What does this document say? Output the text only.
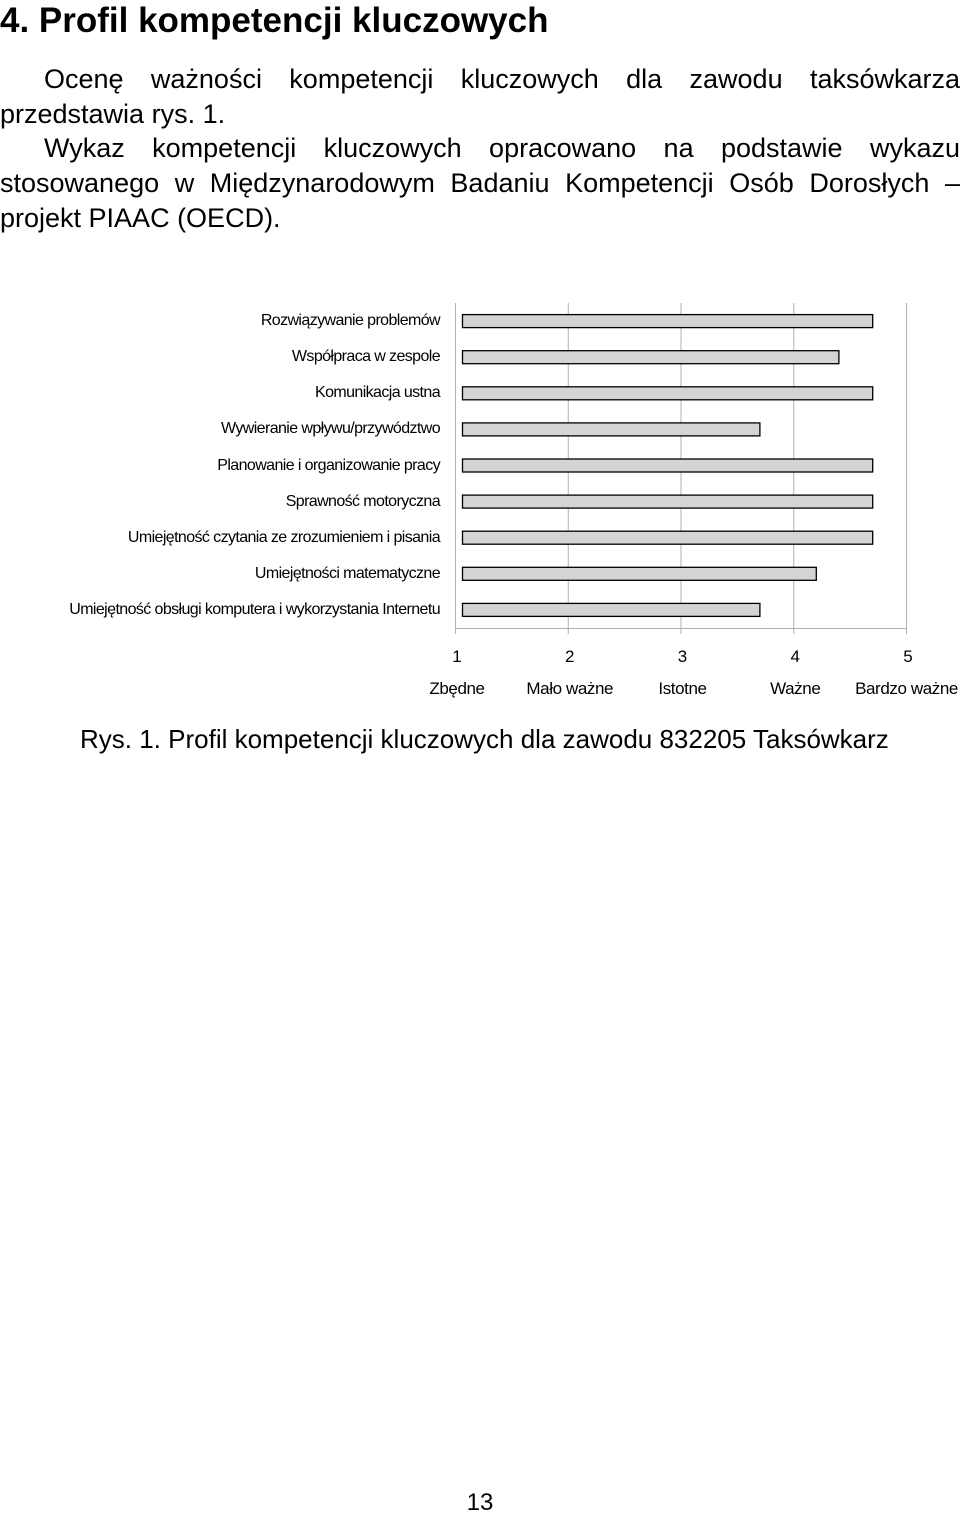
4. Profil kompetencji kluczowych

Ocenę ważności kompetencji kluczowych dla zawodu taksówkarza przedstawia rys. 1.

Wykaz kompetencji kluczowych opracowano na podstawie wykazu stosowanego w Międzynarodowym Badaniu Kompetencji Osób Dorosłych – projekt PIAAC (OECD).

Rozwiązywanie problemów
Współpraca w zespole
Komunikacja ustna
Wywieranie wpływu/przywództwo
Planowanie i organizowanie pracy
Sprawność motoryczna
Umiejętność czytania ze zrozumieniem i pisania
Umiejętności matematyczne
Umiejętność obsługi komputera i wykorzystania Internetu
1	2	3	4	5
Zbędne Mało ważne	Istotne	Ważne Bardzo ważne

Rys. 1. Profil kompetencji kluczowych dla zawodu 832205 Taksówkarz

13
